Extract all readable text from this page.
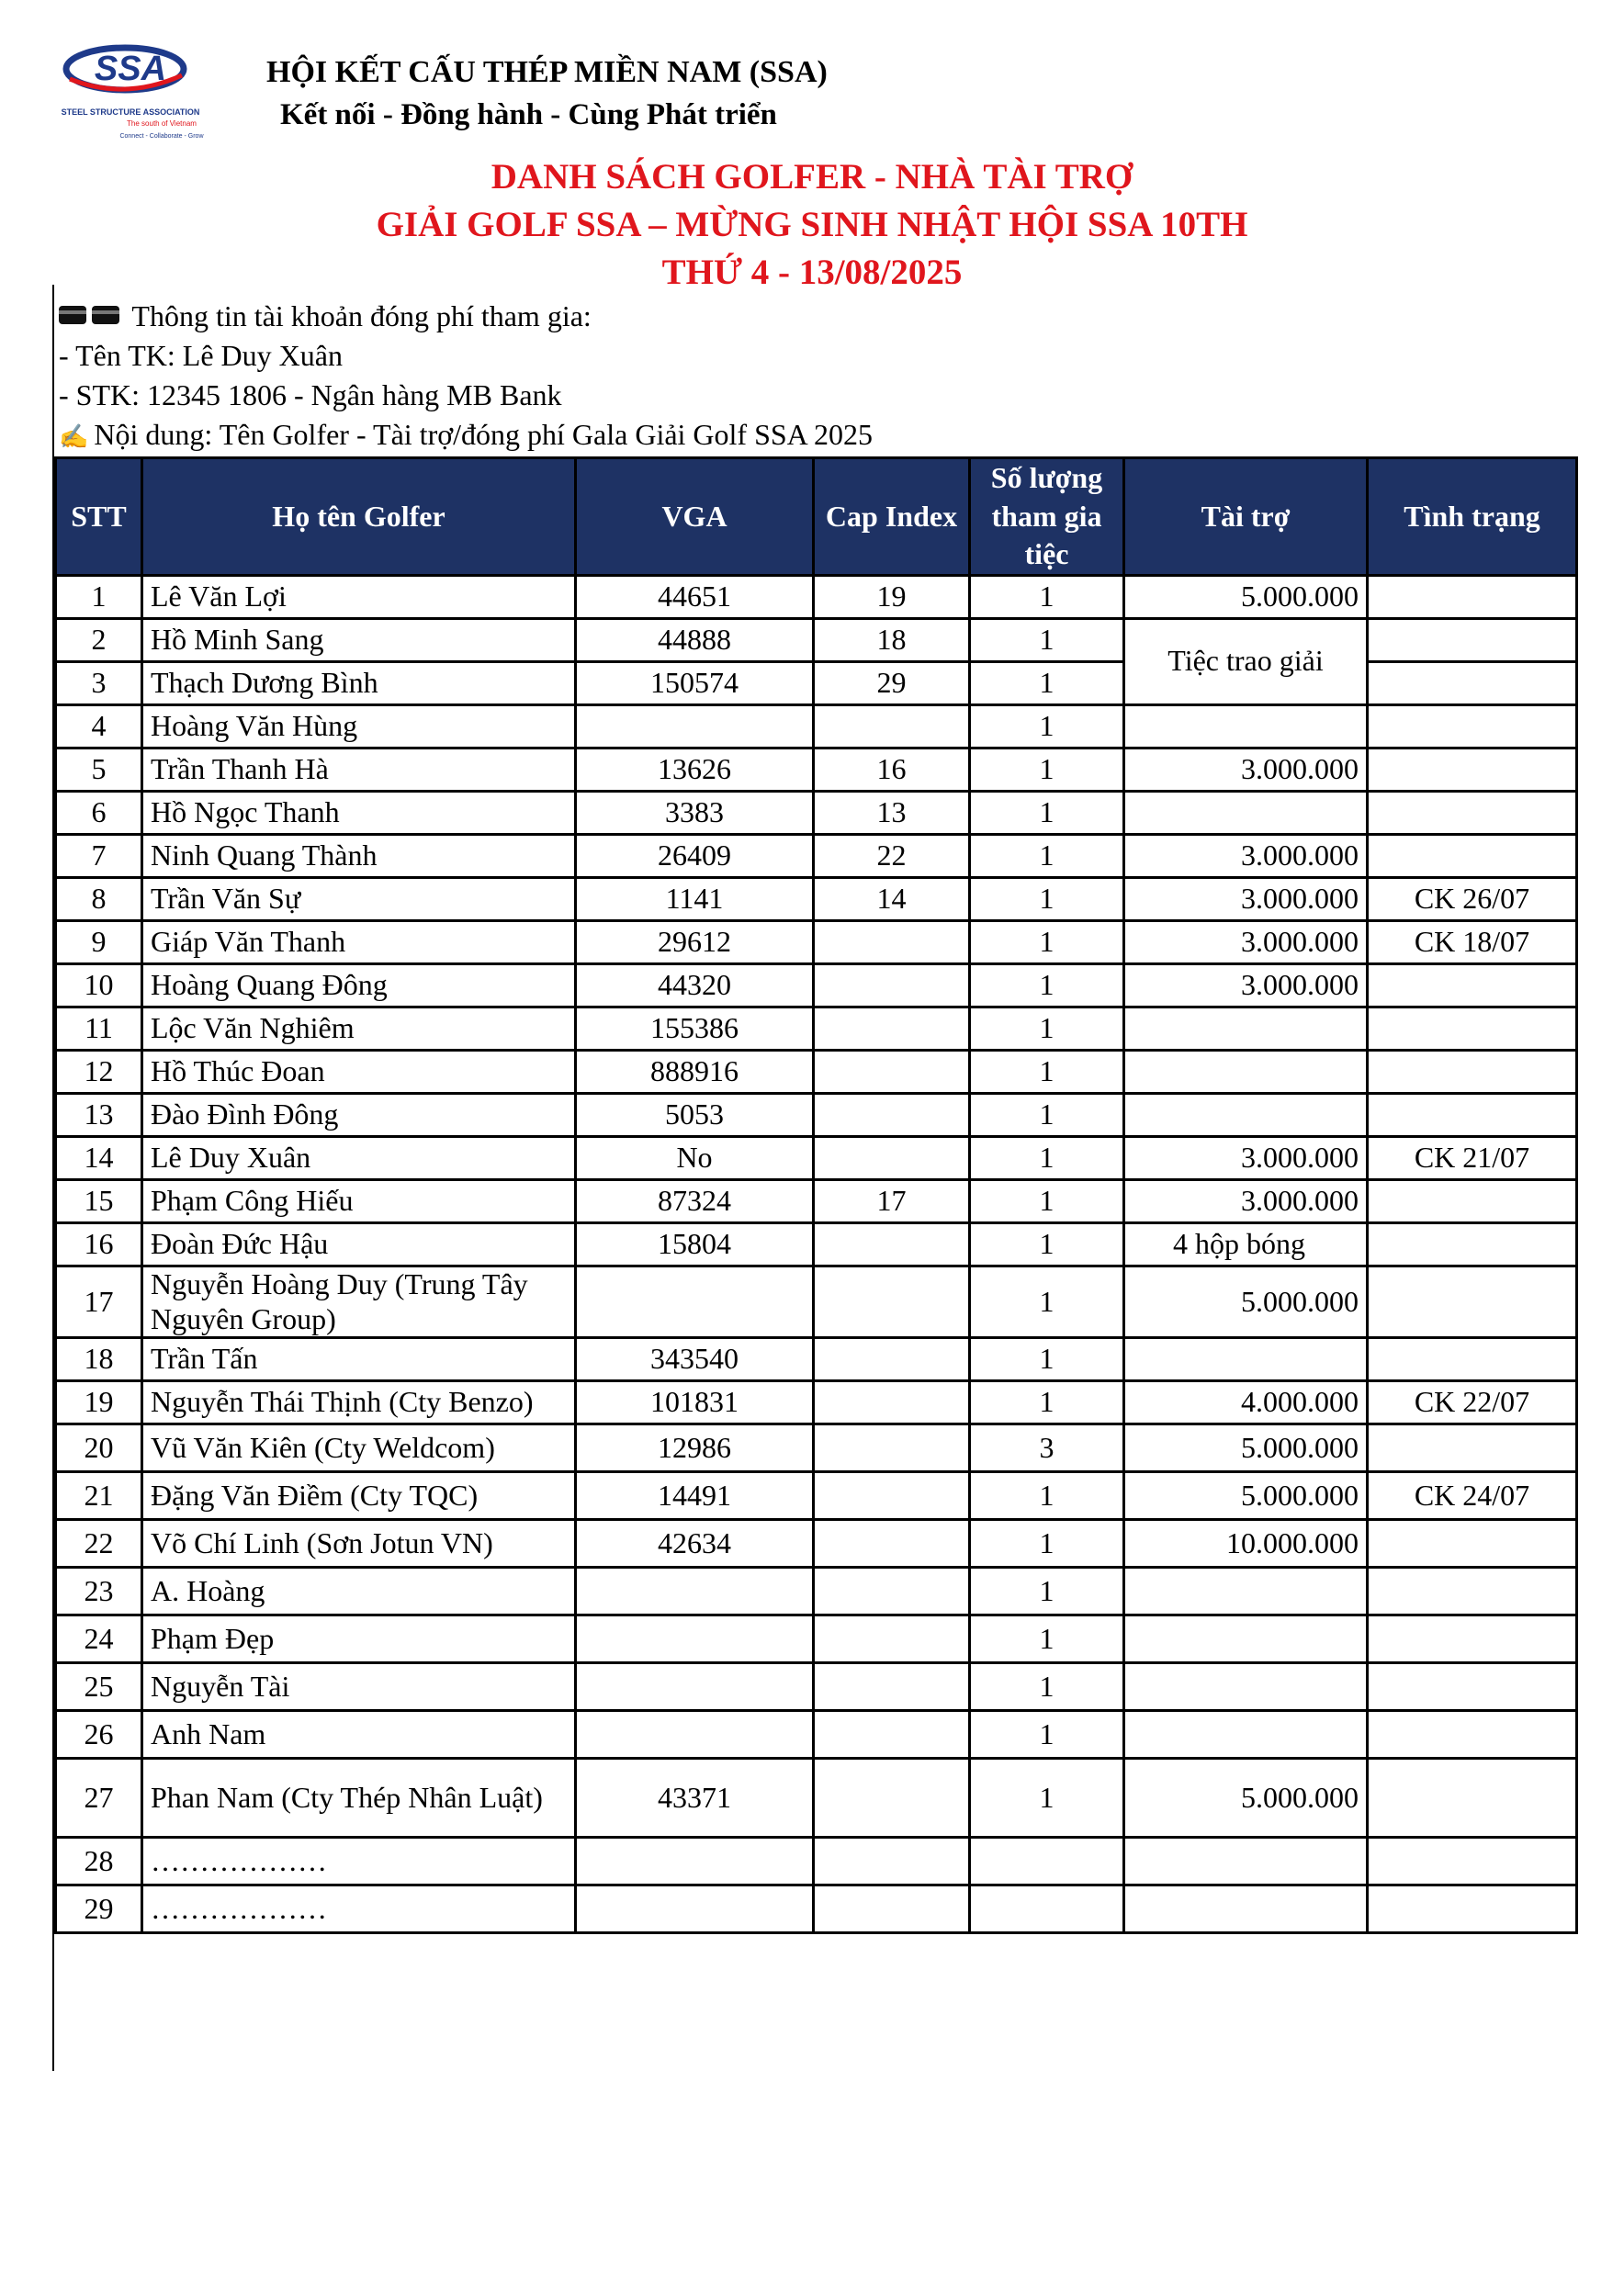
SSA
STEEL STRUCTURE ASSOCIATION
The south of Vietnam
Connect - Collaborate - Grow
HỘI KẾT CẤU THÉP MIỀN NAM (SSA)
Kết nối - Đồng hành - Cùng Phát triển
DANH SÁCH GOLFER - NHÀ TÀI TRỢ
GIẢI GOLF SSA – MỪNG SINH NHẬT HỘI SSA 10TH
THỨ 4 - 13/08/2025
Thông tin tài khoản đóng phí tham gia:
- Tên TK: Lê Duy Xuân
- STK: 12345 1806 - Ngân hàng MB Bank
✍ Nội dung: Tên Golfer - Tài trợ/đóng phí Gala Giải Golf SSA 2025
STT	Họ tên Golfer	VGA	Cap Index	Số lượng
tham gia
tiệc	Tài trợ	Tình trạng
1	Lê Văn Lợi	44651	19	1	5.000.000	
2	Hồ Minh Sang	44888	18	1	Tiệc trao giải	
3	Thạch Dương Bình	150574	29	1		
4	Hoàng Văn Hùng			1		
5	Trần Thanh Hà	13626	16	1	3.000.000	
6	Hồ Ngọc Thanh	3383	13	1		
7	Ninh Quang Thành	26409	22	1	3.000.000	
8	Trần Văn Sự	1141	14	1	3.000.000	CK 26/07
9	Giáp Văn Thanh	29612		1	3.000.000	CK 18/07
10	Hoàng Quang Đông	44320		1	3.000.000	
11	Lộc Văn Nghiêm	155386		1		
12	Hồ Thúc Đoan	888916		1		
13	Đào Đình Đông	5053		1		
14	Lê Duy Xuân	No		1	3.000.000	CK 21/07
15	Phạm Công Hiếu	87324	17	1	3.000.000	
16	Đoàn Đức Hậu	15804		1	4 hộp bóng	
17	Nguyễn Hoàng Duy (Trung Tây Nguyên Group)			1	5.000.000	
18	Trần Tấn	343540		1		
19	Nguyễn Thái Thịnh (Cty Benzo)	101831		1	4.000.000	CK 22/07
20	Vũ Văn Kiên (Cty Weldcom)	12986		3	5.000.000	
21	Đặng Văn Điềm (Cty TQC)	14491		1	5.000.000	CK 24/07
22	Võ Chí Linh (Sơn Jotun VN)	42634		1	10.000.000	
23	A. Hoàng			1		
24	Phạm Đẹp			1		
25	Nguyễn Tài			1		
26	Anh Nam			1		
27	Phan Nam (Cty Thép Nhân Luật)	43371		1	5.000.000	
28	………………					
29	………………					
